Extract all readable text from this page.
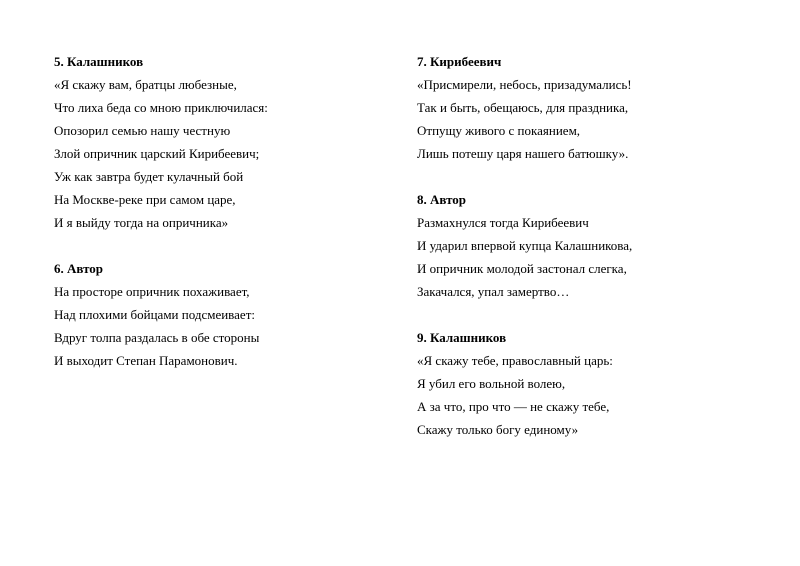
5. Калашников
«Я скажу вам, братцы любезные,
Что лиха беда со мною приключилася:
Опозорил семью нашу честную
Злой опричник царский Кирибеевич;
Уж как завтра будет кулачный бой
На Москве-реке при самом царе,
И я выйду тогда на опричника»
6. Автор
На просторе опричник похаживает,
Над плохими бойцами подсмеивает:
Вдруг толпа раздалась в обе стороны
И выходит Степан Парамонович.
7. Кирибеевич
«Присмирели, небось, призадумались!
Так и быть, обещаюсь, для праздника,
Отпущу живого с покаянием,
Лишь потешу царя нашего батюшку».
8. Автор
Размахнулся тогда Кирибеевич
И ударил впервой купца Калашникова,
И опричник молодой застонал слегка,
Закачался, упал замертво…
9. Калашников
«Я скажу тебе, православный царь:
Я убил его вольной волею,
А за что, про что — не скажу тебе,
Скажу только богу единому»
